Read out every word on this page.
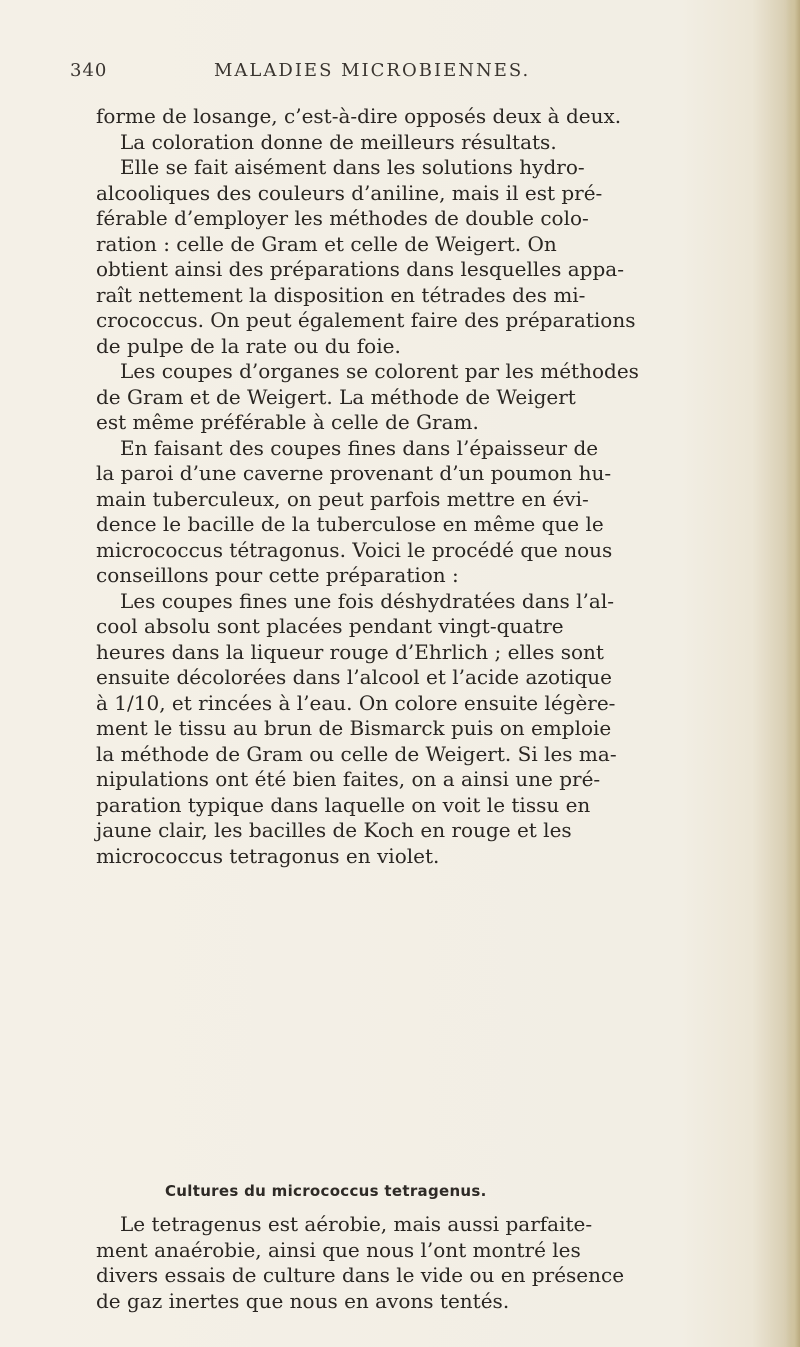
340	MALADIES MICROBIENNES.
forme de losange, c’est-à-dire opposés deux à deux.
La coloration donne de meilleurs résultats.
Elle se fait aisément dans les solutions hydro-
alcooliques des couleurs d’aniline, mais il est pré-
férable d’employer les méthodes de double colo-
ration : celle de Gram et celle de Weigert. On
obtient ainsi des préparations dans lesquelles appa-
raît nettement la disposition en tétrades des mi-
crococcus. On peut également faire des préparations
de pulpe de la rate ou du foie.
Les coupes d’organes se colorent par les méthodes
de Gram et de Weigert. La méthode de Weigert
est même préférable à celle de Gram.
En faisant des coupes fines dans l’épaisseur de
la paroi d’une caverne provenant d’un poumon hu-
main tuberculeux, on peut parfois mettre en évi-
dence le bacille de la tuberculose en même que le
micrococcus tétragonus. Voici le procédé que nous
conseillons pour cette préparation :
Les coupes fines une fois déshydratées dans l’al-
cool absolu sont placées pendant vingt-quatre
heures dans la liqueur rouge d’Ehrlich ; elles sont
ensuite décolorées dans l’alcool et l’acide azotique
à 1/10, et rincées à l’eau. On colore ensuite légère-
ment le tissu au brun de Bismarck puis on emploie
la méthode de Gram ou celle de Weigert. Si les ma-
nipulations ont été bien faites, on a ainsi une pré-
paration typique dans laquelle on voit le tissu en
jaune clair, les bacilles de Koch en rouge et les
micrococcus tetragonus en violet.
Cultures du micrococcus tetragenus.
Le tetragenus est aérobie, mais aussi parfaite-
ment anaérobie, ainsi que nous l’ont montré les
divers essais de culture dans le vide ou en présence
de gaz inertes que nous en avons tentés.
